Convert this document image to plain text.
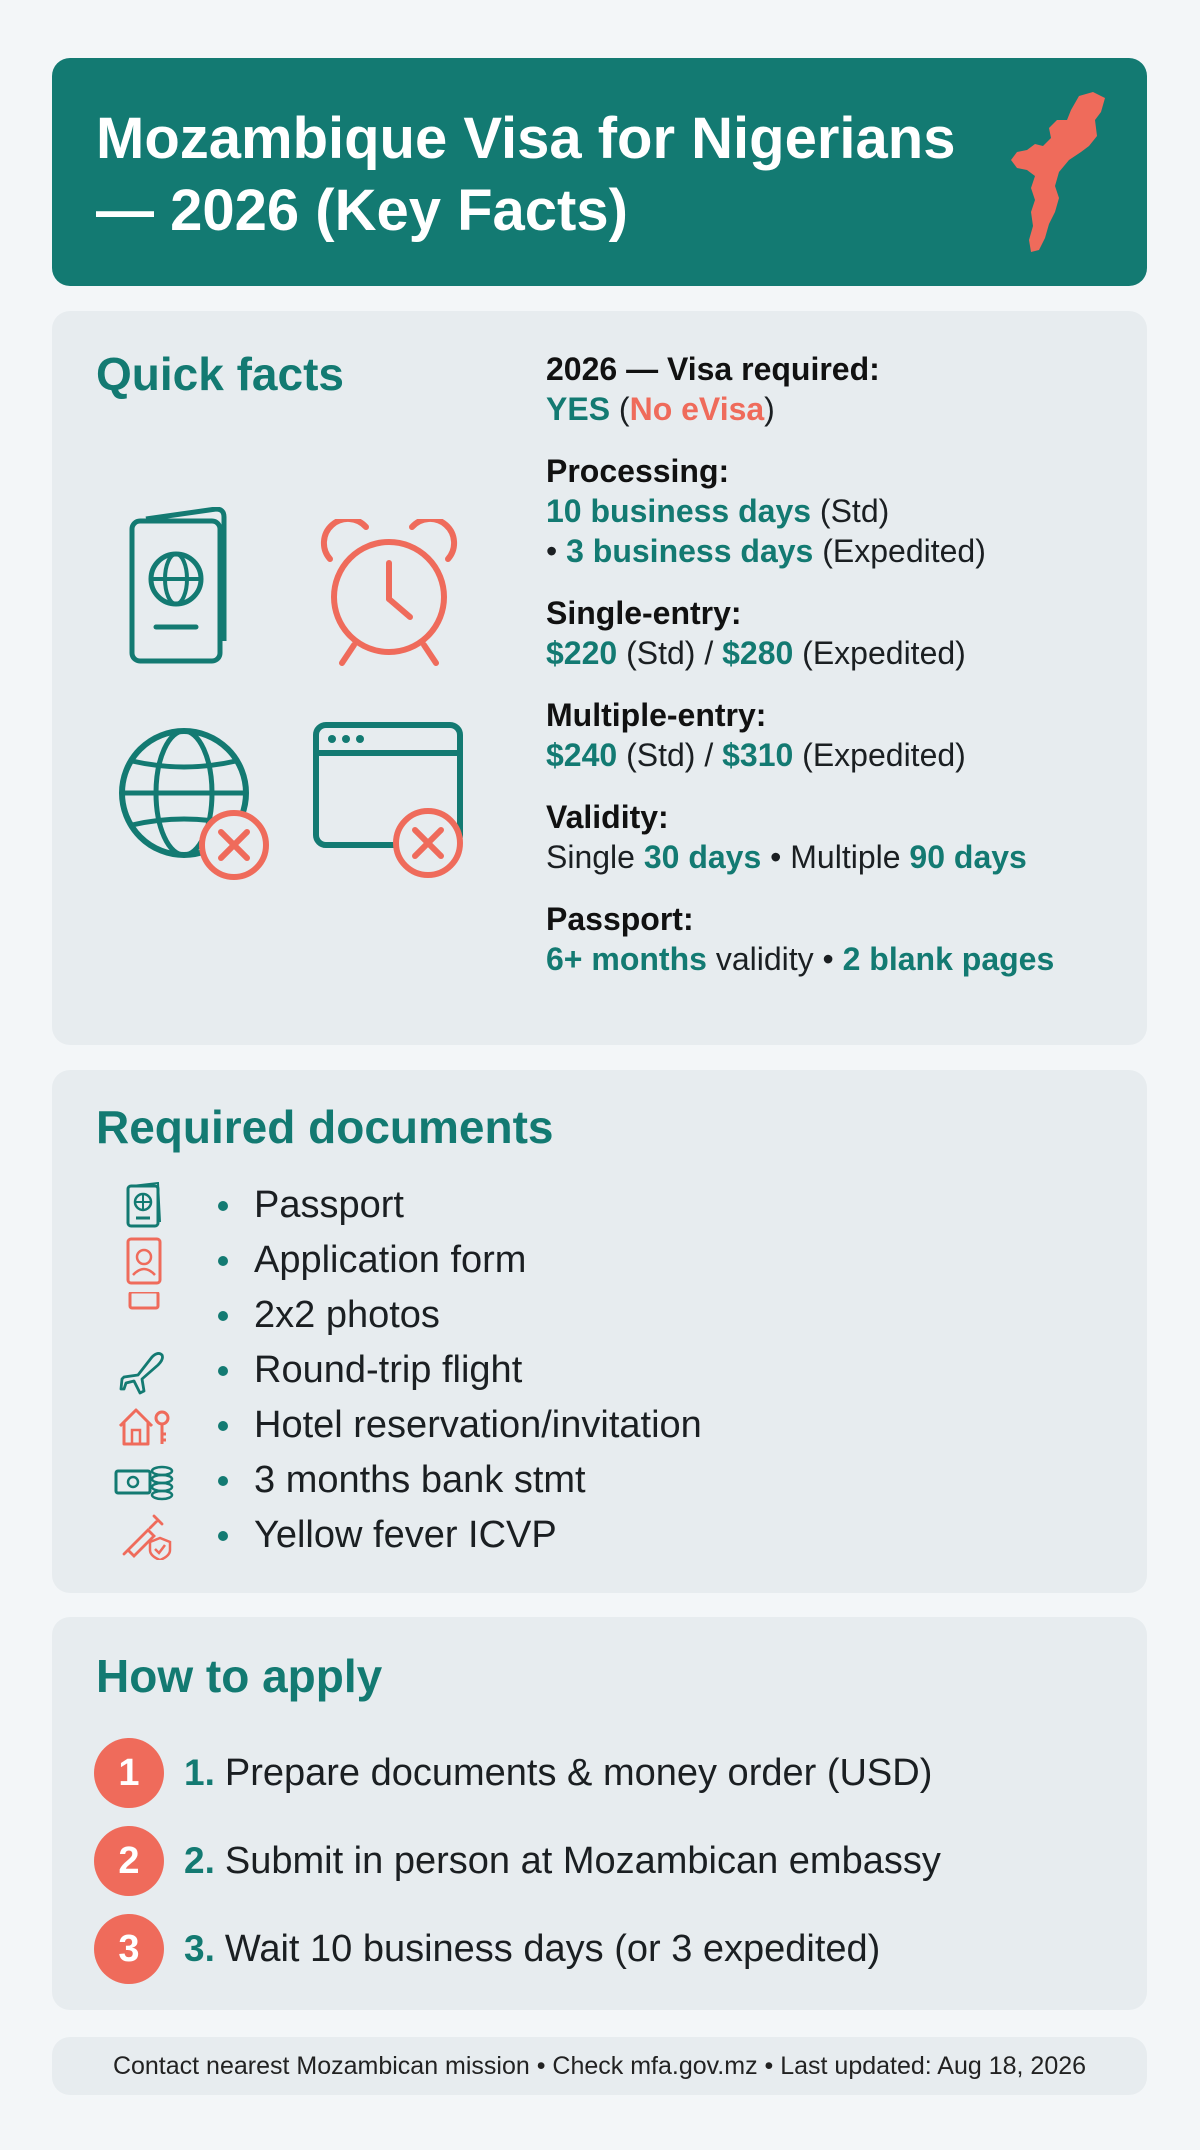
Mozambique Visa for Nigerians — 2026 (Key Facts)
Quick facts	2026 — Visa required:
YES (No eVisa)
Processing:
10 business days (Std)
• 3 business days (Expedited)
Single-entry:
$220 (Std) / $280 (Expedited)
Multiple-entry:
$240 (Std) / $310 (Expedited)
Validity:
Single 30 days • Multiple 90 days
Passport:
6+ months validity • 2 blank pages
Required documents
Passport
Application form
2x2 photos
Round-trip flight
Hotel reservation/invitation
3 months bank stmt
Yellow fever ICVP
How to apply
1	1. Prepare documents & money order (USD)
2	2. Submit in person at Mozambican embassy
3	3. Wait 10 business days (or 3 expedited)
Contact nearest Mozambican mission • Check mfa.gov.mz • Last updated: Aug 18, 2026
